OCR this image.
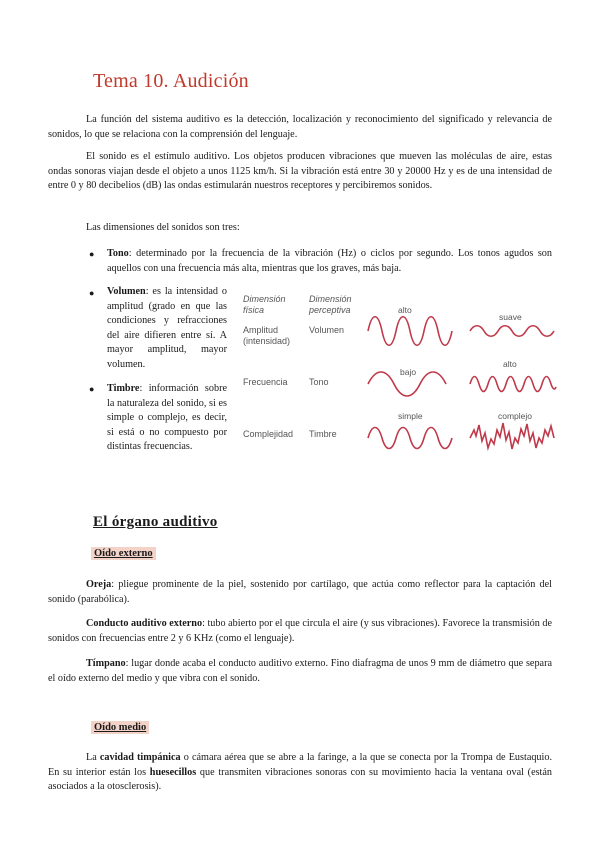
Tema 10. Audición

La función del sistema auditivo es la detección, localización y reconocimiento del significado y relevancia de sonidos, lo que se relaciona con la comprensión del lenguaje.

El sonido es el estímulo auditivo. Los objetos producen vibraciones que mueven las moléculas de aire, estas ondas sonoras viajan desde el objeto a unos 1125 km/h. Si la vibración está entre 30 y 20000 Hz y es de una intensidad de entre 0 y 80 decibelios (dB) las ondas estimularán nuestros receptores y percibiremos sonidos.

Las dimensiones del sonidos son tres:

● Tono: determinado por la frecuencia de la vibración (Hz) o ciclos por segundo. Los tonos agudos son aquellos con una frecuencia más alta, mientras que los graves, más baja.
● Volumen: es la intensidad o amplitud (grado en que las condiciones y refracciones del aire difieren entre sí. A mayor amplitud, mayor volumen.
● Timbre: información sobre la naturaleza del sonido, si es simple o complejo, es decir, si está o no compuesto por distintas frecuencias.
Dimensión
física
Dimensión
perceptiva
Amplitud
(intensidad)
Volumen
alto
suave
Frecuencia Tono
bajo
alto
Complejidad Timbre
simple	complejo
El órgano auditivo
Oído externo

Oreja: pliegue prominente de la piel, sostenido por cartílago, que actúa como reflector para la captación del sonido (parabólica).

Conducto auditivo externo: tubo abierto por el que circula el aire (y sus vibraciones). Favorece la transmisión de sonidos con frecuencias entre 2 y 6 KHz (como el lenguaje).

Tímpano: lugar donde acaba el conducto auditivo externo. Fino diafragma de unos 9 mm de diámetro que separa el oído externo del medio y que vibra con el sonido.

Oído medio

La cavidad timpánica o cámara aérea que se abre a la faringe, a la que se conecta por la Trompa de Eustaquio. En su interior están los huesecillos que transmiten vibraciones sonoras con su movimiento hacia la ventana oval (están asociados a la otosclerosis).
